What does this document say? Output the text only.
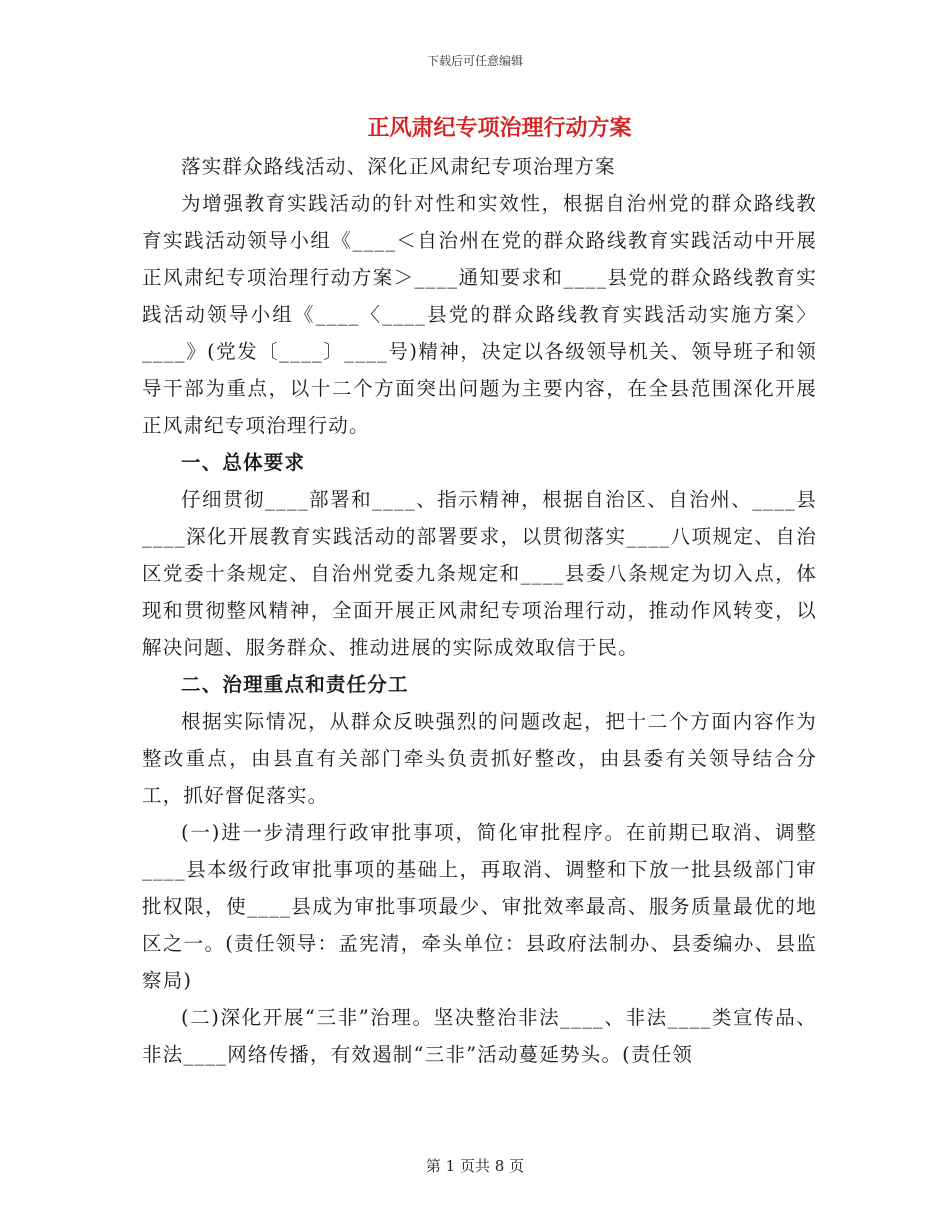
下载后可任意编辑

正风肃纪专项治理行动方案

落实群众路线活动、深化正风肃纪专项治理方案

为增强教育实践活动的针对性和实效性，根据自治州党的群众路线教育实践活动领导小组《____＜自治州在党的群众路线教育实践活动中开展正风肃纪专项治理行动方案＞____通知要求和____县党的群众路线教育实践活动领导小组《____〈____县党的群众路线教育实践活动实施方案〉____》(党发〔____〕____号)精神，决定以各级领导机关、领导班子和领导干部为重点，以十二个方面突出问题为主要内容，在全县范围深化开展正风肃纪专项治理行动。

一、总体要求

仔细贯彻____部署和____、指示精神，根据自治区、自治州、____县____深化开展教育实践活动的部署要求，以贯彻落实____八项规定、自治区党委十条规定、自治州党委九条规定和____县委八条规定为切入点，体现和贯彻整风精神，全面开展正风肃纪专项治理行动，推动作风转变，以解决问题、服务群众、推动进展的实际成效取信于民。

二、治理重点和责任分工

根据实际情况，从群众反映强烈的问题改起，把十二个方面内容作为整改重点，由县直有关部门牵头负责抓好整改，由县委有关领导结合分工，抓好督促落实。

(一)进一步清理行政审批事项，简化审批程序。在前期已取消、调整____县本级行政审批事项的基础上，再取消、调整和下放一批县级部门审批权限，使____县成为审批事项最少、审批效率最高、服务质量最优的地区之一。(责任领导：孟宪清，牵头单位：县政府法制办、县委编办、县监察局)

(二)深化开展“三非”治理。坚决整治非法____、非法____类宣传品、非法____网络传播，有效遏制“三非”活动蔓延势头。(责任领

第 1 页共 8 页
